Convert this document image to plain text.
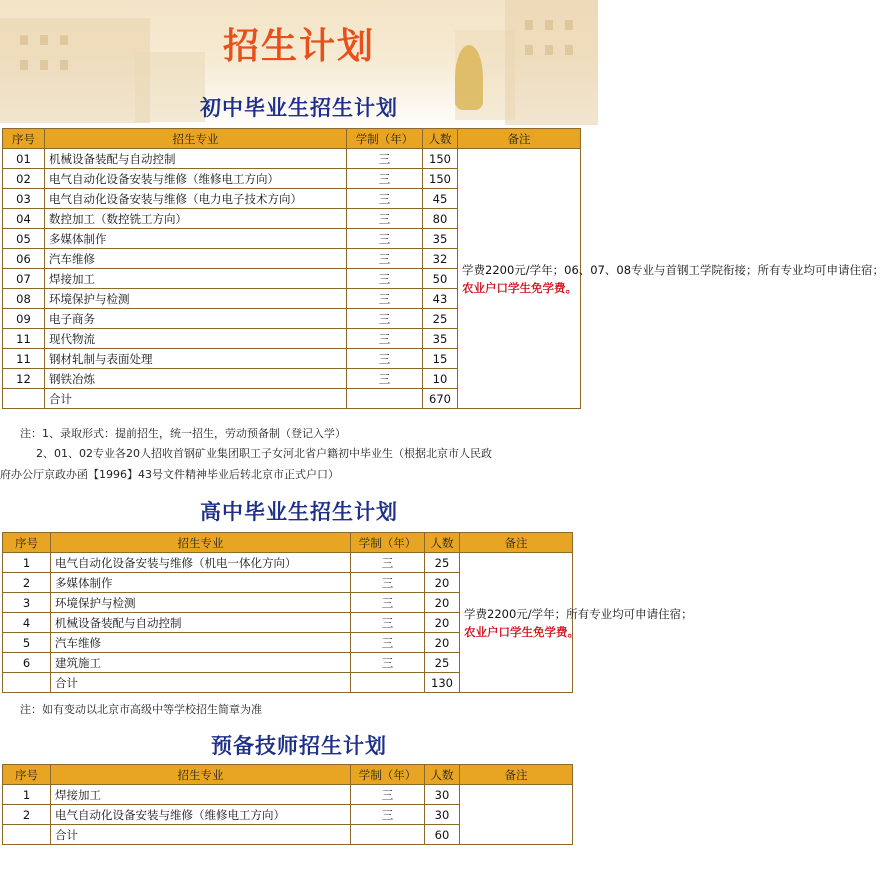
招生计划
初中毕业生招生计划
序号	招生专业	学制（年）	人数	备注
01	机械设备装配与自动控制	三	150	学费2200元/学年；06、07、08专业与首钢工学院衔接；所有专业均可申请住宿；
农业户口学生免学费。
02	电气自动化设备安装与维修（维修电工方向）	三	150	
03	电气自动化设备安装与维修（电力电子技术方向）	三	45	
04	数控加工（数控铣工方向）	三	80	
05	多媒体制作	三	35	
06	汽车维修	三	32	
07	焊接加工	三	50	
08	环境保护与检测	三	43	
09	电子商务	三	25	
11	现代物流	三	35	
11	钢材轧制与表面处理	三	15	
12	钢铁冶炼	三	10	
	合计		670	
注：1、录取形式：提前招生，统一招生，劳动预备制（登记入学）
2、01、02专业各20人招收首钢矿业集团职工子女河北省户籍初中毕业生（根据北京市人民政
府办公厅京政办函【1996】43号文件精神毕业后转北京市正式户口）
高中毕业生招生计划
序号	招生专业	学制（年）	人数	备注
1	电气自动化设备安装与维修（机电一体化方向）	三	25	学费2200元/学年；所有专业均可申请住宿；
农业户口学生免学费。
2	多媒体制作	三	20	
3	环境保护与检测	三	20	
4	机械设备装配与自动控制	三	20	
5	汽车维修	三	20	
6	建筑施工	三	25	
	合计		130	
注：如有变动以北京市高级中等学校招生简章为准
预备技师招生计划
序号	招生专业	学制（年）	人数	备注
1	焊接加工	三	30	
2	电气自动化设备安装与维修（维修电工方向）	三	30	
	合计		60	
